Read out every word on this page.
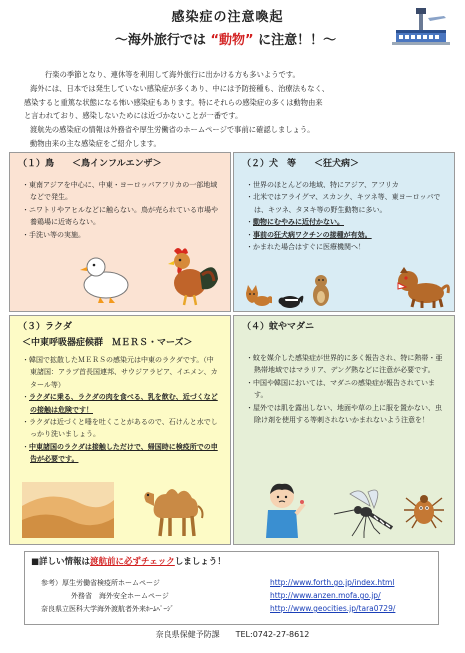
感染症の注意喚起
～海外旅行では “動物” に注意！！～

行楽の季節となり、連休等を利用して海外旅行に出かける方も多いようです。

海外には、日本では発生していない感染症が多くあり、中には予防接種も、治療法もなく、

感染すると重篤な状態になる怖い感染症もあります。特にそれらの感染症の多くは動物由来

と言われており、感染しないためには近づかないことが一番です。

渡航先の感染症の情報は外務省や厚生労働省のホームページで事前に確認しましょう。

動物由来の主な感染症をご紹介します。

（１）鳥　　＜鳥インフルエンザ＞
・ 東南アジアを中心に、中東・ヨーロッパアフリカの一部地域などで発生。
・ ニワトリやアヒルなどに触らない。鳥が売られている市場や養鶏場に近寄らない。
・ 手洗い等の実施。
（２）犬　等　　＜狂犬病＞
・ 世界のほとんどの地域、特にアジア、アフリカ
・ 北米ではアライグマ、スカンク、キツネ等、東ヨーロッパでは、キツネ、タヌキ等の野生動物に多い。
・ 動物にむやみに近付かない。
・ 事前の狂犬病ワクチンの接種が有効。
・ かまれた場合はすぐに医療機関へ！
（３）ラクダ
＜中東呼吸器症候群　ＭＥＲＳ・マーズ＞
・ 韓国で拡散したＭＥＲＳの感染元は中東のラクダです。（中東諸国：アラブ首長国連邦、サウジアラビア、イエメン、カタール等）
・ ラクダに乗る、ラクダの肉を食べる、乳を飲む、近づくなどの接触は危険です！
・ ラクダは近づくと唾を吐くことがあるので、石けんと水でしっかり洗いましょう。
・ 中東諸国のラクダは接触しただけで、帰国時に検疫所での申告が必要です。
（４）蚊やマダニ
・ 蚊を媒介した感染症が世界的に多く報告され、特に熱帯・亜熱帯地域ではマラリア、デング熱などに注意が必要です。
・ 中国や韓国においては、マダニの感染症が報告されています。
・ 屋外では肌を露出しない、地面や草の上に服を置かない、虫除け剤を使用する等刺されないかまれないよう注意を！
■詳しい情報は渡航前に必ずチェックしましょう！
参考）厚生労働省検疫所ホームページ	http://www.forth.go.jp/index.html
外務省　海外安全ホームページ	http://www.anzen.mofa.go.jp/
奈良県立医科大学海外渡航者外来ﾎｰﾑﾍﾟｰｼﾞ	http://www.geocities.jp/tara0729/
奈良県保健予防課　　TEL:0742-27-8612
